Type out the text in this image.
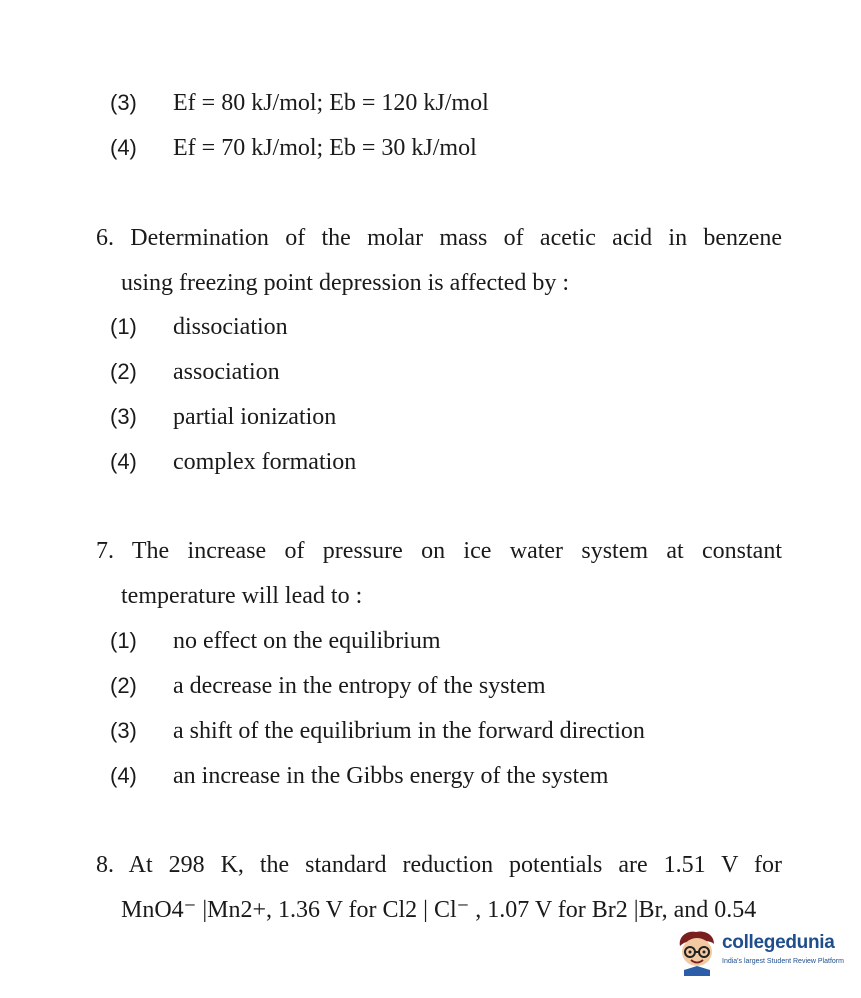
(3) Ef = 80 kJ/mol; Eb = 120 kJ/mol
(4) Ef = 70 kJ/mol; Eb = 30 kJ/mol
6. Determination of the molar mass of acetic acid in benzene
using freezing point depression is affected by :
(1) dissociation
(2) association
(3) partial ionization
(4) complex formation
7. The increase of pressure on ice water system at constant
temperature will lead to :
(1) no effect on the equilibrium
(2) a decrease in the entropy of the system
(3) a shift of the equilibrium in the forward direction
(4) an increase in the Gibbs energy of the system
8. At 298 K, the standard reduction potentials are 1.51 V for
MnO4⁻ |Mn2+, 1.36 V for Cl2 | Cl⁻ , 1.07 V for Br2 |Br, and 0.54
collegedunia
India's largest Student Review Platform
